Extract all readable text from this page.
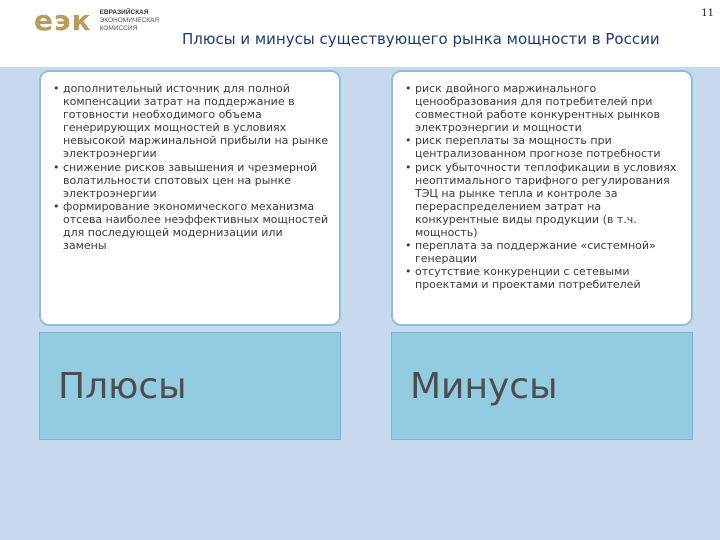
еэк ЕВРАЗИЙСКАЯ
ЭКОНОМИЧЕСКАЯ
КОМИССИЯ
Плюсы и минусы существующего рынка мощности в России
11
• дополнительный источник для полной компенсации затрат на поддержание в готовности необходимого объема генерирующих мощностей в условиях невысокой маржинальной прибыли на рынке электроэнергии
• снижение рисков завышения и чрезмерной волатильности спотовых цен на рынке электроэнергии
• формирование экономического механизма отсева наиболее неэффективных мощностей для последующей модернизации или замены
• риск двойного маржинального ценообразования для потребителей при совместной работе конкурентных рынков электроэнергии и мощности
• риск переплаты за мощность при централизованном прогнозе потребности
• риск убыточности теплофикации в условиях неоптимального тарифного регулирования ТЭЦ на рынке тепла и контроле за перераспределением затрат на конкурентные виды продукции (в т.ч. мощность)
• переплата за поддержание «системной» генерации
• отсутствие конкуренции с сетевыми проектами и проектами потребителей
Плюсы	Минусы
